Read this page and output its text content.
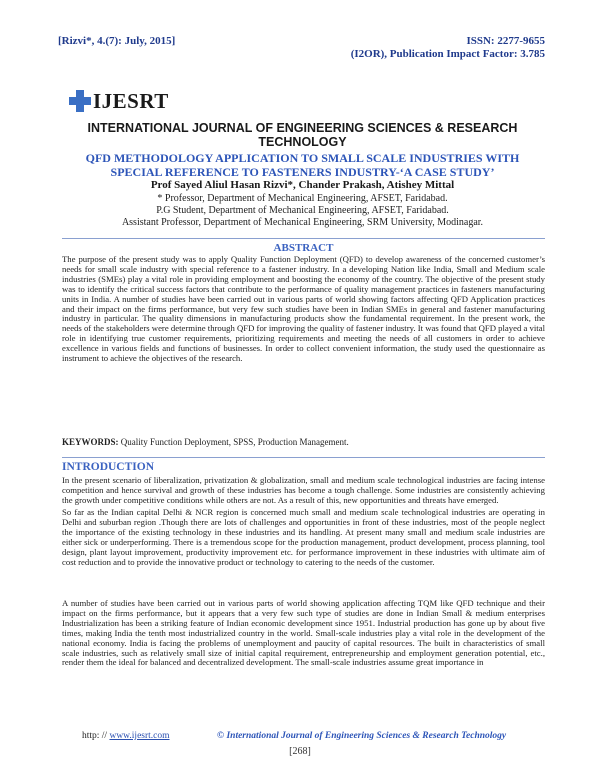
[Rizvi*, 4.(7): July, 2015]	ISSN: 2277-9655
(I2OR), Publication Impact Factor: 3.785
IJESRT
INTERNATIONAL JOURNAL OF ENGINEERING SCIENCES & RESEARCH TECHNOLOGY
QFD METHODOLOGY APPLICATION TO SMALL SCALE INDUSTRIES WITH SPECIAL REFERENCE TO FASTENERS INDUSTRY-‘A CASE STUDY’
Prof Sayed Aliul Hasan Rizvi*, Chander Prakash, Atishey Mittal
* Professor, Department of Mechanical Engineering, AFSET, Faridabad.
P.G Student, Department of Mechanical Engineering, AFSET, Faridabad.
Assistant Professor, Department of Mechanical Engineering, SRM University, Modinagar.
ABSTRACT
The purpose of the present study was to apply Quality Function Deployment (QFD) to develop awareness of the concerned customer’s needs for small scale industry with special reference to a fastener industry. In a developing Nation like India, Small and Medium scale industries (SMEs) play a vital role in providing employment and boosting the economy of the country. The objective of the present study was to identify the critical success factors that contribute to the performance of quality management practices in fasteners manufacturing units in India. A number of studies have been carried out in various parts of world showing factors affecting QFD Application practices and their impact on the firms performance, but very few such studies have been in Indian SMEs in general and fastener manufacturing industry in particular. The quality dimensions in manufacturing products show the fundamental requirement. In the present work, the needs of the stakeholders were determine through QFD for improving the quality of fastener industry. It was found that QFD played a vital role in identifying true customer requirements, prioritizing requirements and meeting the needs of all customers in order to achieve excellence in various fields and functions of businesses. In order to collect convenient information, the study used the questionnaire as instrument to achieve the objectives of the research.
KEYWORDS: Quality Function Deployment, SPSS, Production Management.
INTRODUCTION
In the present scenario of liberalization, privatization & globalization, small and medium scale technological industries are facing intense competition and hence survival and growth of these industries has become a tough challenge. Some industries are consistently achieving the growth under competitive conditions while others are not. As a result of this, new opportunities and threats have emerged.
So far as the Indian capital Delhi & NCR region is concerned much small and medium scale technological industries are operating in Delhi and suburban region .Though there are lots of challenges and opportunities in front of these industries, most of the people neglect the importance of the existing technology in these industries and its handling. At present many small and medium scale industries are either sick or underperforming. There is a tremendous scope for the production management, product development, process planning, tool design, plant layout improvement, productivity improvement etc. for performance improvement in these industries with ultimate aim of cost reduction and to provide the innovative product or technology to catering to the needs of the customer.
A number of studies have been carried out in various parts of world showing application affecting TQM like QFD technique and their impact on the firms performance, but it appears that a very few such type of studies are done in Indian Small & medium enterprises Industrialization has been a striking feature of Indian economic development since 1951. Industrial production has gone up by about five times, making India the tenth most industrialized country in the world. Small-scale industries play a vital role in the development of the national economy. India is facing the problems of unemployment and paucity of capital resources. The built in characteristics of small scale industries, such as relatively small size of initial capital requirement, entrepreneurship and employment generation potential, etc., render them the ideal for balanced and decentralized development. The small-scale industries assume great importance in
http: // www.ijesrt.com	© International Journal of Engineering Sciences & Research Technology
[268]
